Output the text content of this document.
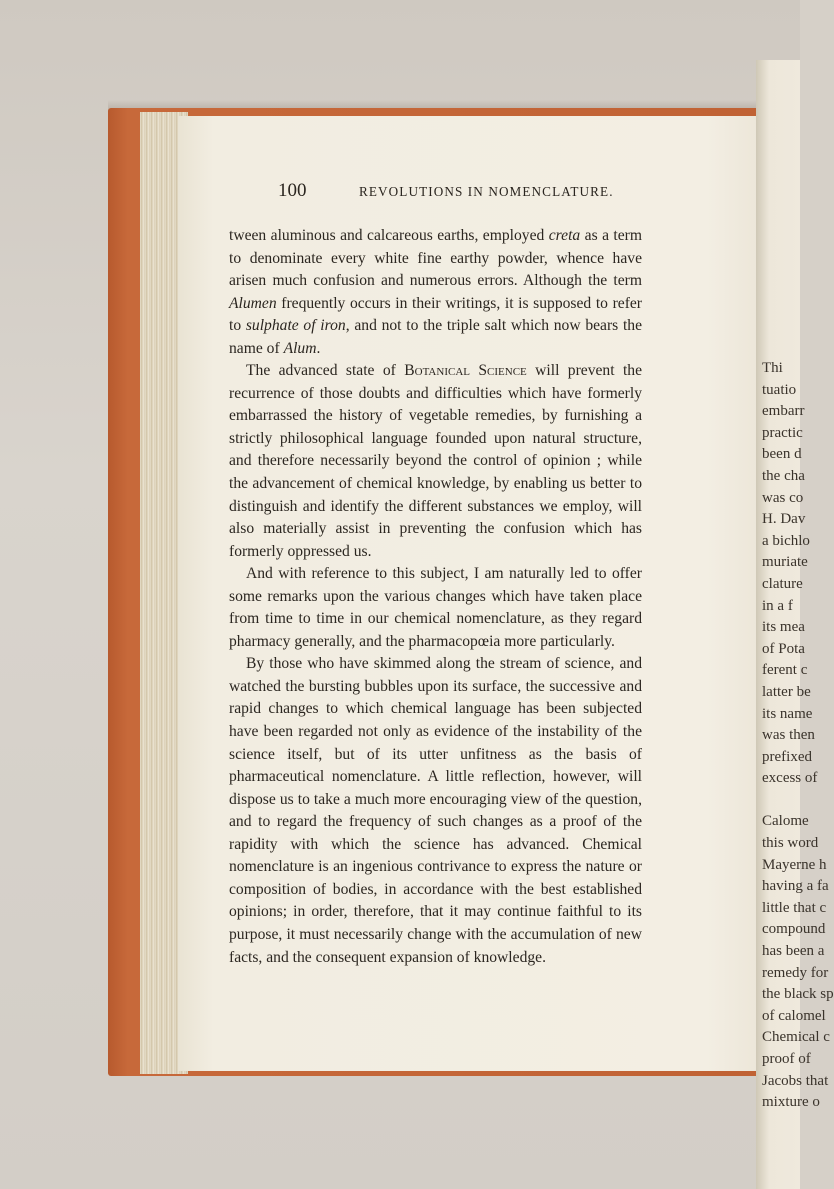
Thi
tuatio
embarr
practic
been d
the cha
was co
H. Dav
a bichlo
muriate
clature
in a f
its mea
of Pota
ferent c
latter be
its name
was then
prefixed
excess of

Calome
this word
Mayerne h
having a fa
little that c
compound
has been a
remedy for
the black sp
of calomel
Chemical c
proof of
Jacobs that
mixture o
100	REVOLUTIONS IN NOMENCLATURE.

tween aluminous and calcareous earths, employed creta as a term to denominate every white fine earthy powder, whence have arisen much confusion and numerous errors. Although the term Alumen frequently occurs in their writings, it is supposed to refer to sulphate of iron, and not to the triple salt which now bears the name of Alum.

The advanced state of Botanical Science will prevent the recurrence of those doubts and difficulties which have formerly embarrassed the history of vegetable remedies, by furnishing a strictly philosophical language founded upon natural structure, and therefore necessarily beyond the control of opinion ; while the advancement of chemical knowledge, by enabling us better to distinguish and identify the different substances we employ, will also materially assist in preventing the confusion which has formerly oppressed us.

And with reference to this subject, I am naturally led to offer some remarks upon the various changes which have taken place from time to time in our chemical nomenclature, as they regard pharmacy generally, and the pharmacopœia more particularly.

By those who have skimmed along the stream of science, and watched the bursting bubbles upon its surface, the successive and rapid changes to which chemical language has been subjected have been regarded not only as evidence of the instability of the science itself, but of its utter unfitness as the basis of pharmaceutical nomenclature. A little reflection, however, will dispose us to take a much more encouraging view of the question, and to regard the frequency of such changes as a proof of the rapidity with which the science has advanced. Chemical nomenclature is an ingenious contrivance to express the nature or composition of bodies, in accordance with the best established opinions; in order, therefore, that it may continue faithful to its purpose, it must necessarily change with the accumulation of new facts, and the consequent expansion of knowledge.
